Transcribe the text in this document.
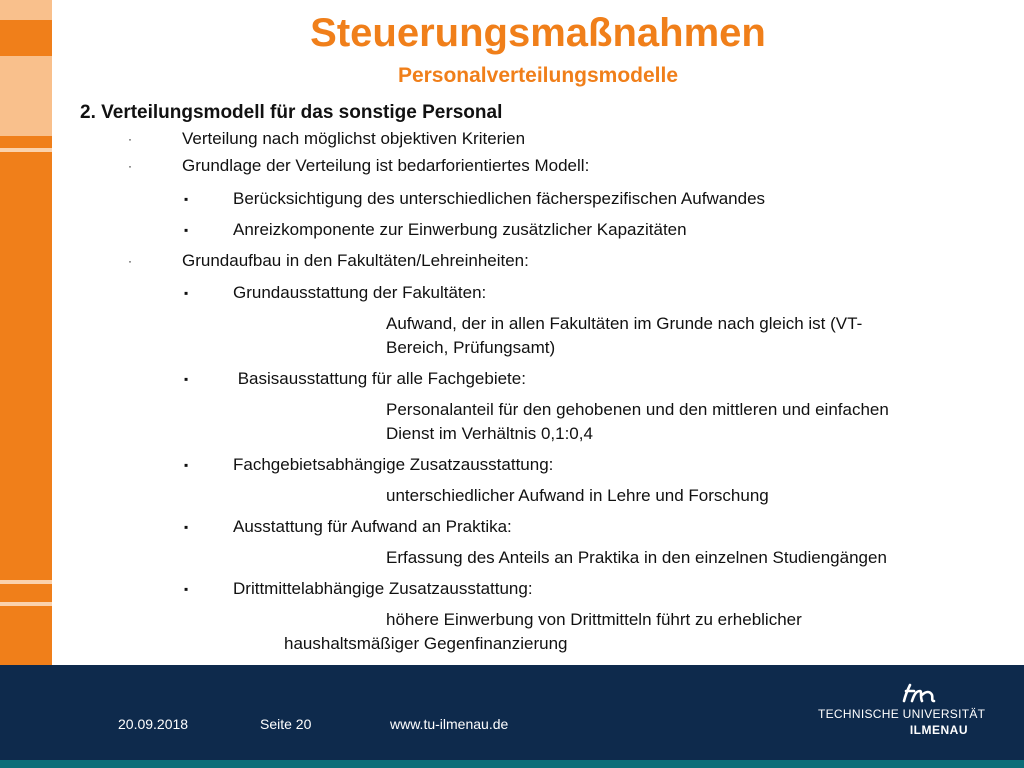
Steuerungsmaßnahmen
Personalverteilungsmodelle
2. Verteilungsmodell für das sonstige Personal
·	Verteilung nach möglichst objektiven Kriterien
·	Grundlage der Verteilung ist bedarforientiertes Modell:
▪	Berücksichtigung des unterschiedlichen fächerspezifischen Aufwandes
▪	Anreizkomponente zur Einwerbung zusätzlicher Kapazitäten
·	Grundaufbau in den Fakultäten/Lehreinheiten:
▪	Grundausstattung der Fakultäten:
Aufwand, der in allen Fakultäten im Grunde nach gleich ist (VT-
Bereich, Prüfungsamt)
▪	Basisausstattung für alle Fachgebiete:
Personalanteil für den gehobenen und den mittleren und einfachen
Dienst im Verhältnis 0,1:0,4
▪	Fachgebietsabhängige Zusatzausstattung:
unterschiedlicher Aufwand in Lehre und Forschung
▪	Ausstattung für Aufwand an Praktika:
Erfassung des Anteils an Praktika in den einzelnen Studiengängen
▪	Drittmittelabhängige Zusatzausstattung:
höhere Einwerbung von Drittmitteln führt zu erheblicher
haushaltsmäßiger Gegenfinanzierung
20.09.2018	Seite 20	www.tu-ilmenau.de
TECHNISCHE UNIVERSITÄT
ILMENAU
